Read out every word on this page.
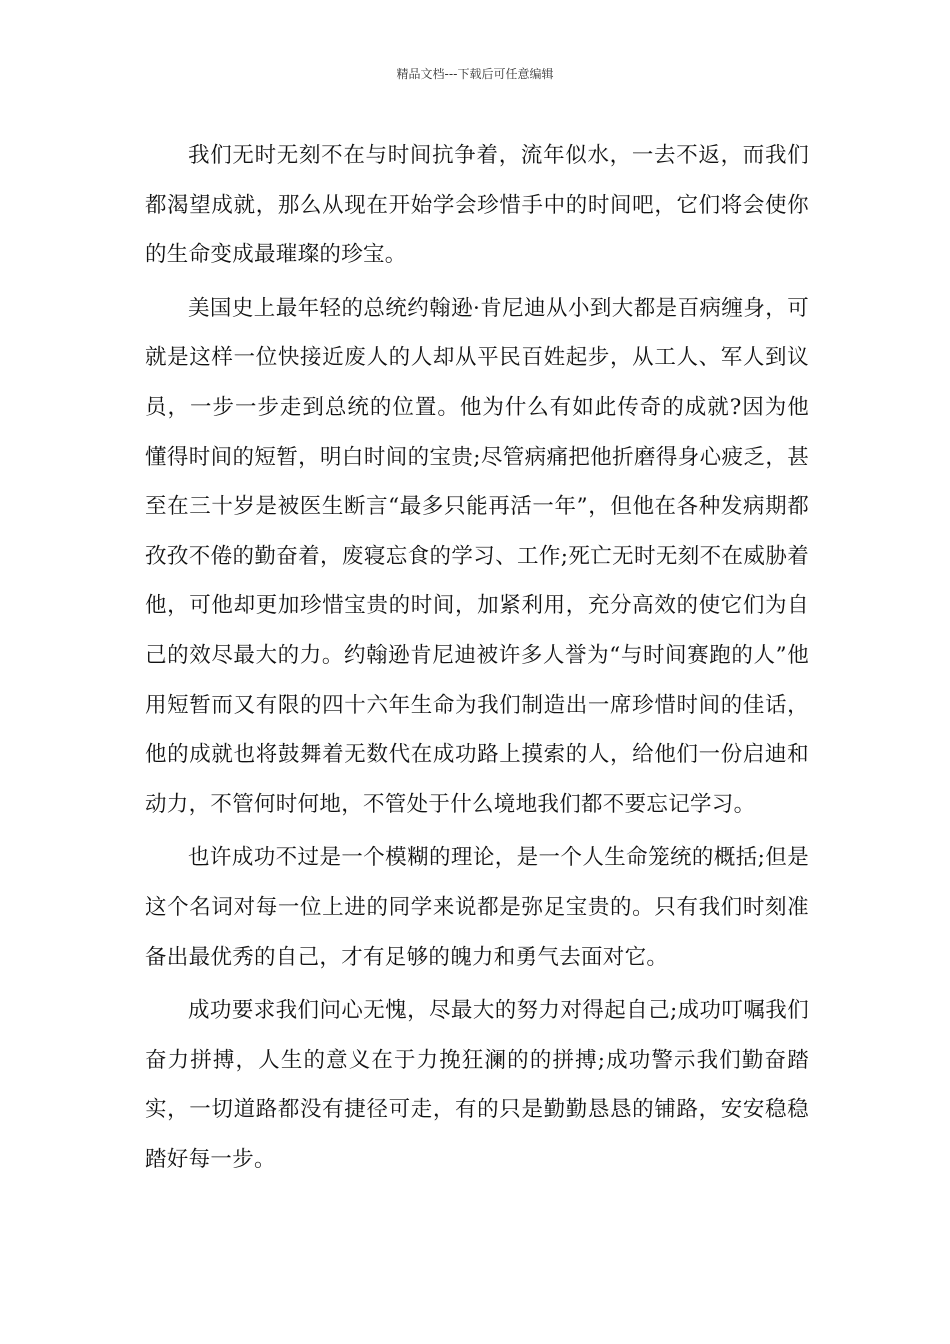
精品文档---下载后可任意编辑

我们无时无刻不在与时间抗争着，流年似水，一去不返，而我们都渴望成就，那么从现在开始学会珍惜手中的时间吧，它们将会使你的生命变成最璀璨的珍宝。

美国史上最年轻的总统约翰逊·肯尼迪从小到大都是百病缠身，可就是这样一位快接近废人的人却从平民百姓起步，从工人、军人到议员，一步一步走到总统的位置。他为什么有如此传奇的成就?因为他懂得时间的短暂，明白时间的宝贵;尽管病痛把他折磨得身心疲乏，甚至在三十岁是被医生断言“最多只能再活一年”，但他在各种发病期都孜孜不倦的勤奋着，废寝忘食的学习、工作;死亡无时无刻不在威胁着他，可他却更加珍惜宝贵的时间，加紧利用，充分高效的使它们为自己的效尽最大的力。约翰逊肯尼迪被许多人誉为“与时间赛跑的人”他用短暂而又有限的四十六年生命为我们制造出一席珍惜时间的佳话，他的成就也将鼓舞着无数代在成功路上摸索的人，给他们一份启迪和动力，不管何时何地，不管处于什么境地我们都不要忘记学习。

也许成功不过是一个模糊的理论，是一个人生命笼统的概括;但是这个名词对每一位上进的同学来说都是弥足宝贵的。只有我们时刻准备出最优秀的自己，才有足够的魄力和勇气去面对它。

成功要求我们问心无愧，尽最大的努力对得起自己;成功叮嘱我们奋力拼搏，人生的意义在于力挽狂澜的的拼搏;成功警示我们勤奋踏实，一切道路都没有捷径可走，有的只是勤勤恳恳的铺路，安安稳稳踏好每一步。
